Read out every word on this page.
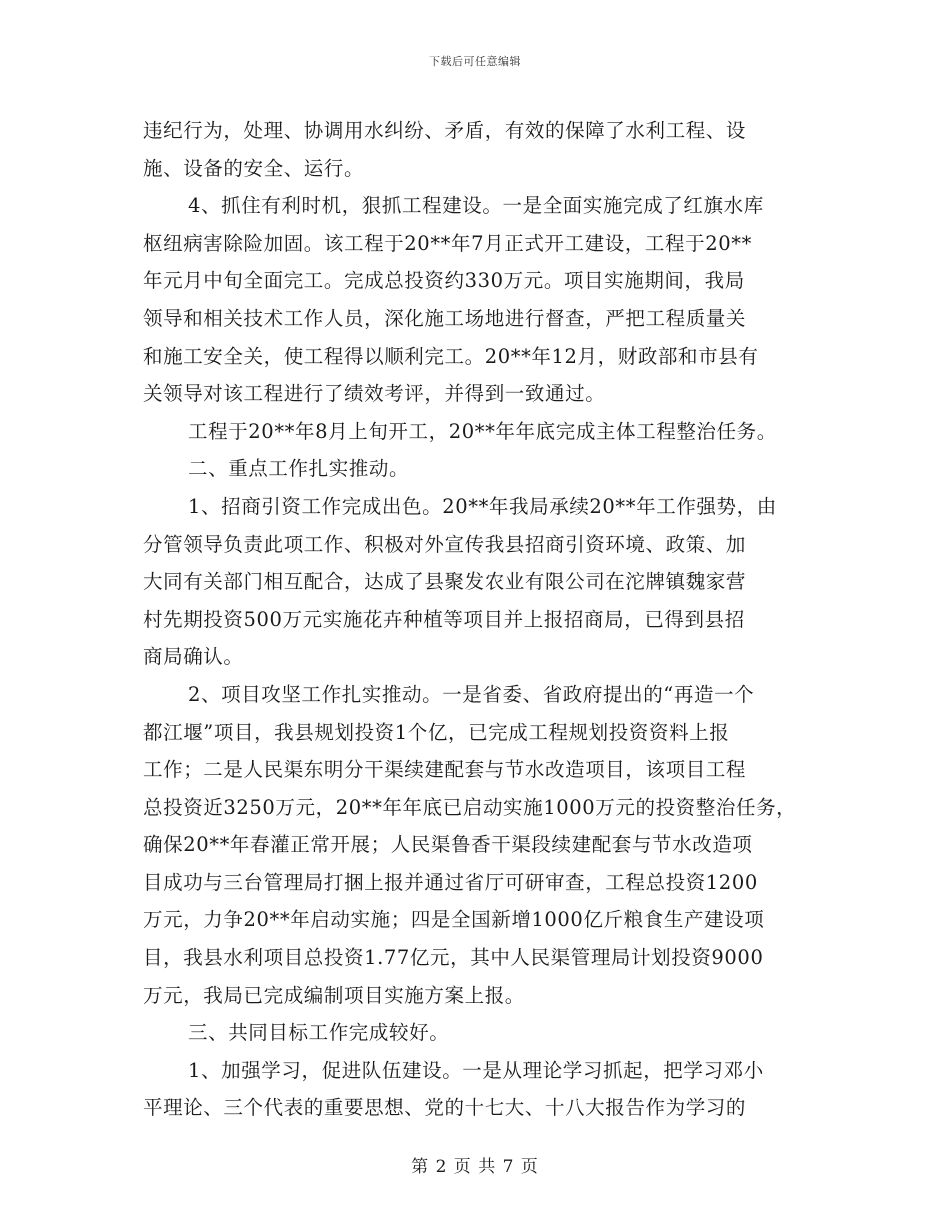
下载后可任意编辑
违纪行为，处理、协调用水纠纷、矛盾，有效的保障了水利工程、设
施、设备的安全、运行。
4、抓住有利时机，狠抓工程建设。一是全面实施完成了红旗水库
枢纽病害除险加固。该工程于20**年7月正式开工建设，工程于20**
年元月中旬全面完工。完成总投资约330万元。项目实施期间，我局
领导和相关技术工作人员，深化施工场地进行督查，严把工程质量关
和施工安全关，使工程得以顺利完工。20**年12月，财政部和市县有
关领导对该工程进行了绩效考评，并得到一致通过。
工程于20**年8月上旬开工，20**年年底完成主体工程整治任务。
二、重点工作扎实推动。
1、招商引资工作完成出色。20**年我局承续20**年工作强势，由
分管领导负责此项工作、积极对外宣传我县招商引资环境、政策、加
大同有关部门相互配合，达成了县聚发农业有限公司在沱牌镇魏家营
村先期投资500万元实施花卉种植等项目并上报招商局，已得到县招
商局确认。
2、项目攻坚工作扎实推动。一是省委、省政府提出的“再造一个
都江堰”项目，我县规划投资1个亿，已完成工程规划投资资料上报
工作；二是人民渠东明分干渠续建配套与节水改造项目，该项目工程
总投资近3250万元，20**年年底已启动实施1000万元的投资整治任务，
确保20**年春灌正常开展；人民渠鲁香干渠段续建配套与节水改造项
目成功与三台管理局打捆上报并通过省厅可研审查，工程总投资1200
万元，力争20**年启动实施；四是全国新增1000亿斤粮食生产建设项
目，我县水利项目总投资1.77亿元，其中人民渠管理局计划投资9000
万元，我局已完成编制项目实施方案上报。
三、共同目标工作完成较好。
1、加强学习，促进队伍建设。一是从理论学习抓起，把学习邓小
平理论、三个代表的重要思想、党的十七大、十八大报告作为学习的
第 2 页 共 7 页
